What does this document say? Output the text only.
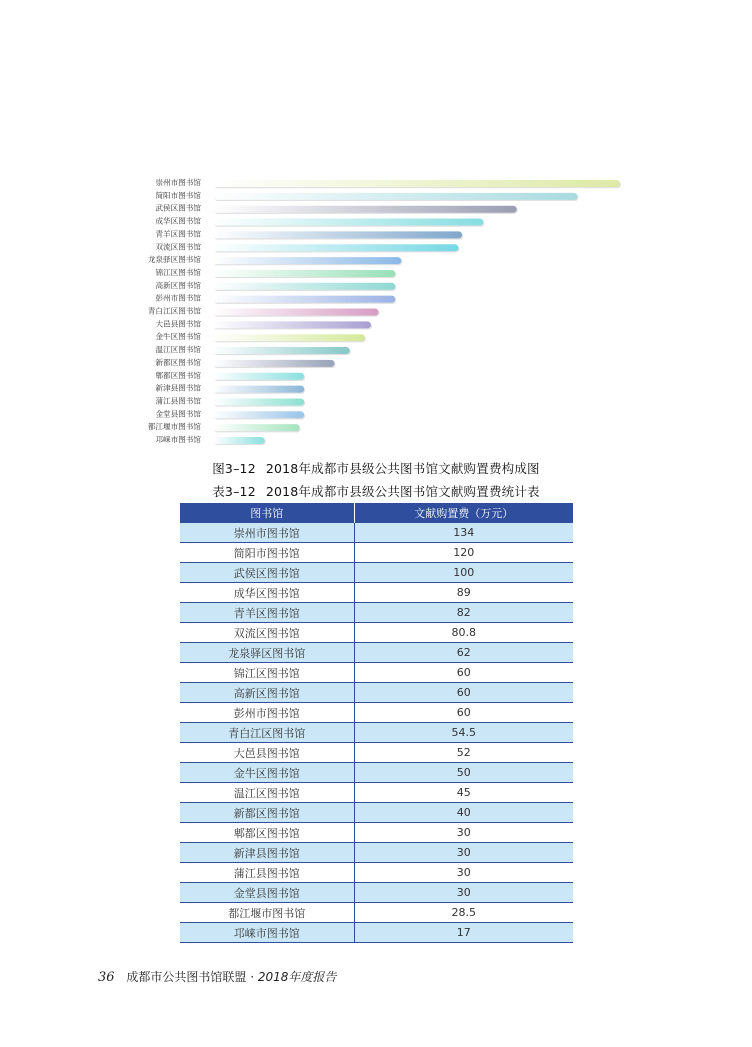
崇州市图书馆
简阳市图书馆
武侯区图书馆
成华区图书馆
青羊区图书馆
双流区图书馆
龙泉驿区图书馆
锦江区图书馆
高新区图书馆
彭州市图书馆
青白江区图书馆
大邑县图书馆
金牛区图书馆
温江区图书馆
新都区图书馆
郫都区图书馆
新津县图书馆
蒲江县图书馆
金堂县图书馆
都江堰市图书馆
邛崃市图书馆
图3–12 2018年成都市县级公共图书馆文献购置费构成图
表3–12 2018年成都市县级公共图书馆文献购置费统计表
图书馆	文献购置费（万元）
崇州市图书馆	134
简阳市图书馆	120
武侯区图书馆	100
成华区图书馆	89
青羊区图书馆	82
双流区图书馆	80.8
龙泉驿区图书馆	62
锦江区图书馆	60
高新区图书馆	60
彭州市图书馆	60
青白江区图书馆	54.5
大邑县图书馆	52
金牛区图书馆	50
温江区图书馆	45
新都区图书馆	40
郫都区图书馆	30
新津县图书馆	30
蒲江县图书馆	30
金堂县图书馆	30
都江堰市图书馆	28.5
邛崃市图书馆	17
36 成都市公共图书馆联盟 · 2018年度报告
